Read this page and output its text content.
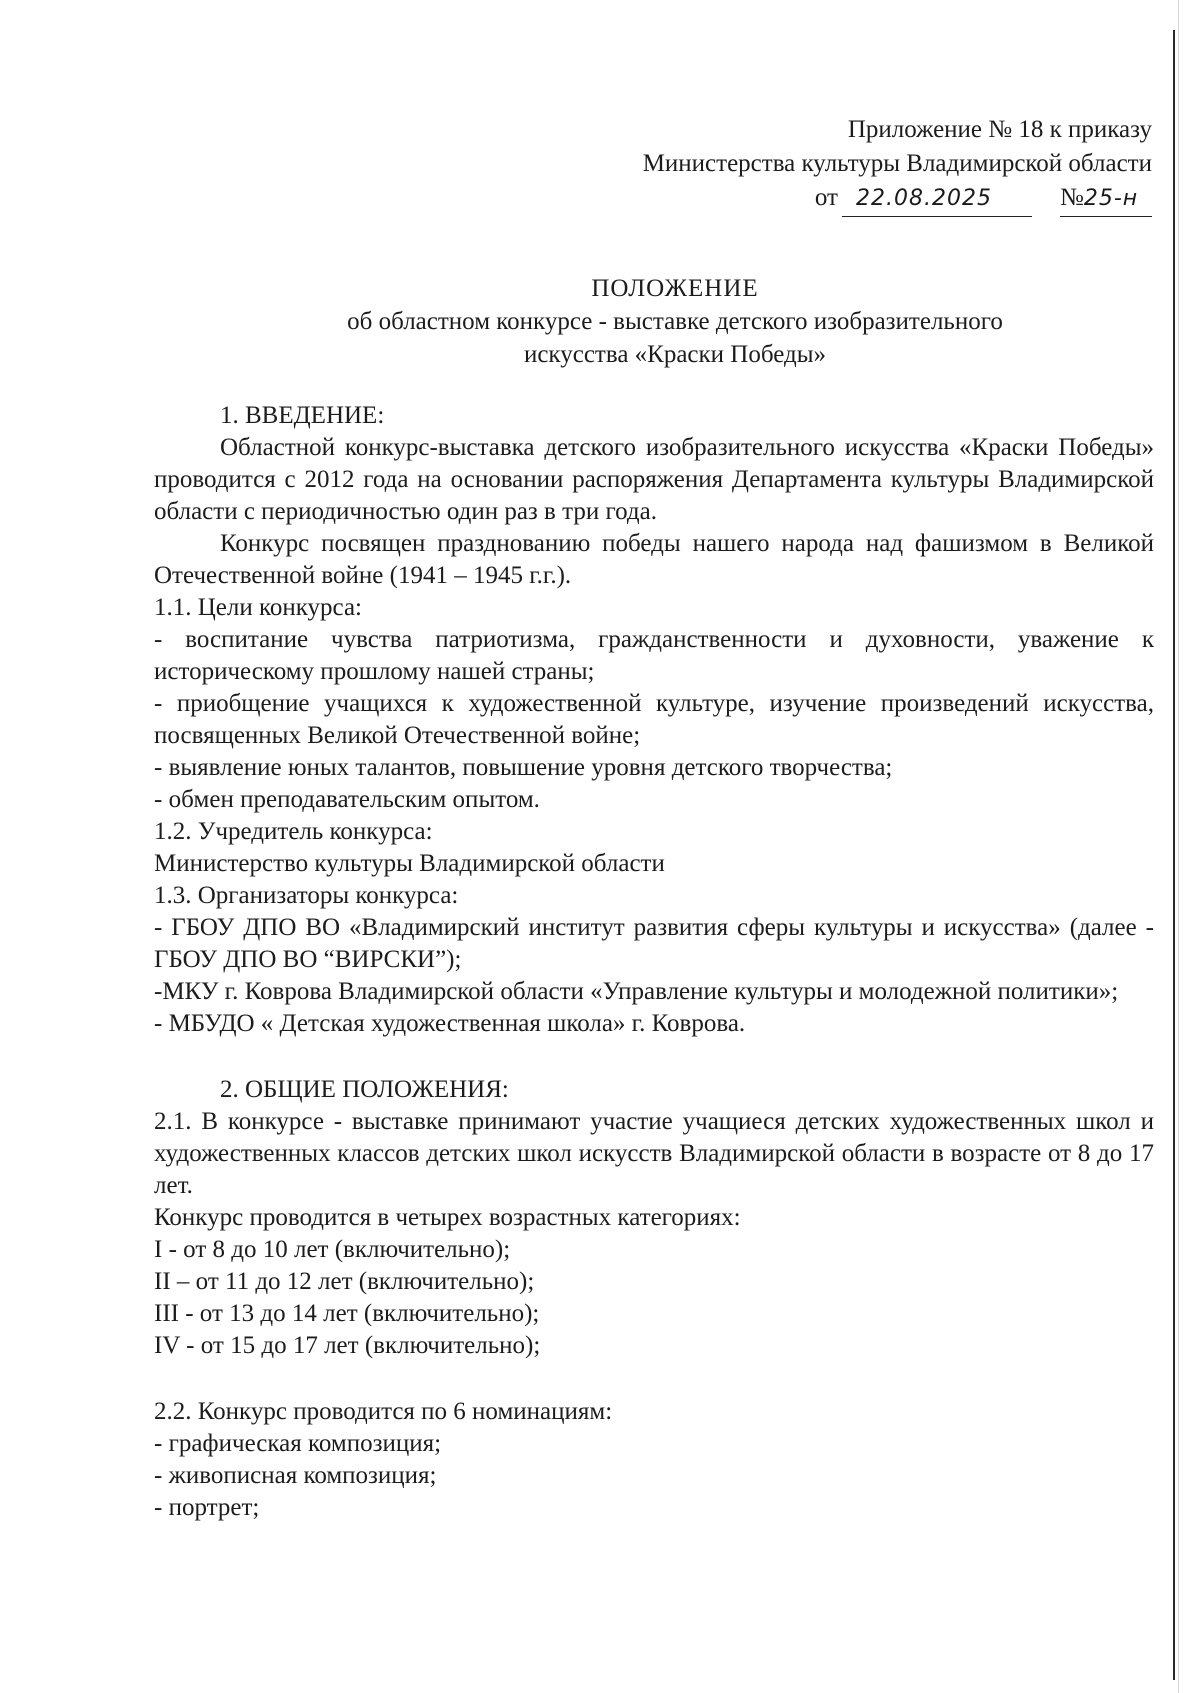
Приложение № 18 к приказу
Министерства культуры Владимирской области
от 22.08.2025	№25-н
ПОЛОЖЕНИЕ
об областном конкурсе - выставке детского изобразительного
искусства «Краски Победы»

1. ВВЕДЕНИЕ:

Областной конкурс-выставка детского изобразительного искусства «Краски Победы» проводится с 2012 года на основании распоряжения Департамента культуры Владимирской области с периодичностью один раз в три года.

Конкурс посвящен празднованию победы нашего народа над фашизмом в Великой Отечественной войне (1941 – 1945 г.г.).

1.1. Цели конкурса:

- воспитание чувства патриотизма, гражданственности и духовности, уважение к историческому прошлому нашей страны;

- приобщение учащихся к художественной культуре, изучение произведений искусства, посвященных Великой Отечественной войне;

- выявление юных талантов, повышение уровня детского творчества;

- обмен преподавательским опытом.

1.2. Учредитель конкурса:

Министерство культуры Владимирской области

1.3. Организаторы конкурса:

- ГБОУ ДПО ВО «Владимирский институт развития сферы культуры и искусства» (далее - ГБОУ ДПО ВО “ВИРСКИ”);

-МКУ г. Коврова Владимирской области «Управление культуры и молодежной политики»;

- МБУДО « Детская художественная школа» г. Коврова.

2. ОБЩИЕ ПОЛОЖЕНИЯ:

2.1. В конкурсе - выставке принимают участие учащиеся детских художественных школ и художественных классов детских школ искусств Владимирской области в возрасте от 8 до 17 лет.

Конкурс проводится в четырех возрастных категориях:

I - от 8 до 10 лет (включительно);

II – от 11 до 12 лет (включительно);

III - от 13 до 14 лет (включительно);

IV - от 15 до 17 лет (включительно);

2.2. Конкурс проводится по 6 номинациям:

- графическая композиция;

- живописная композиция;

- портрет;
